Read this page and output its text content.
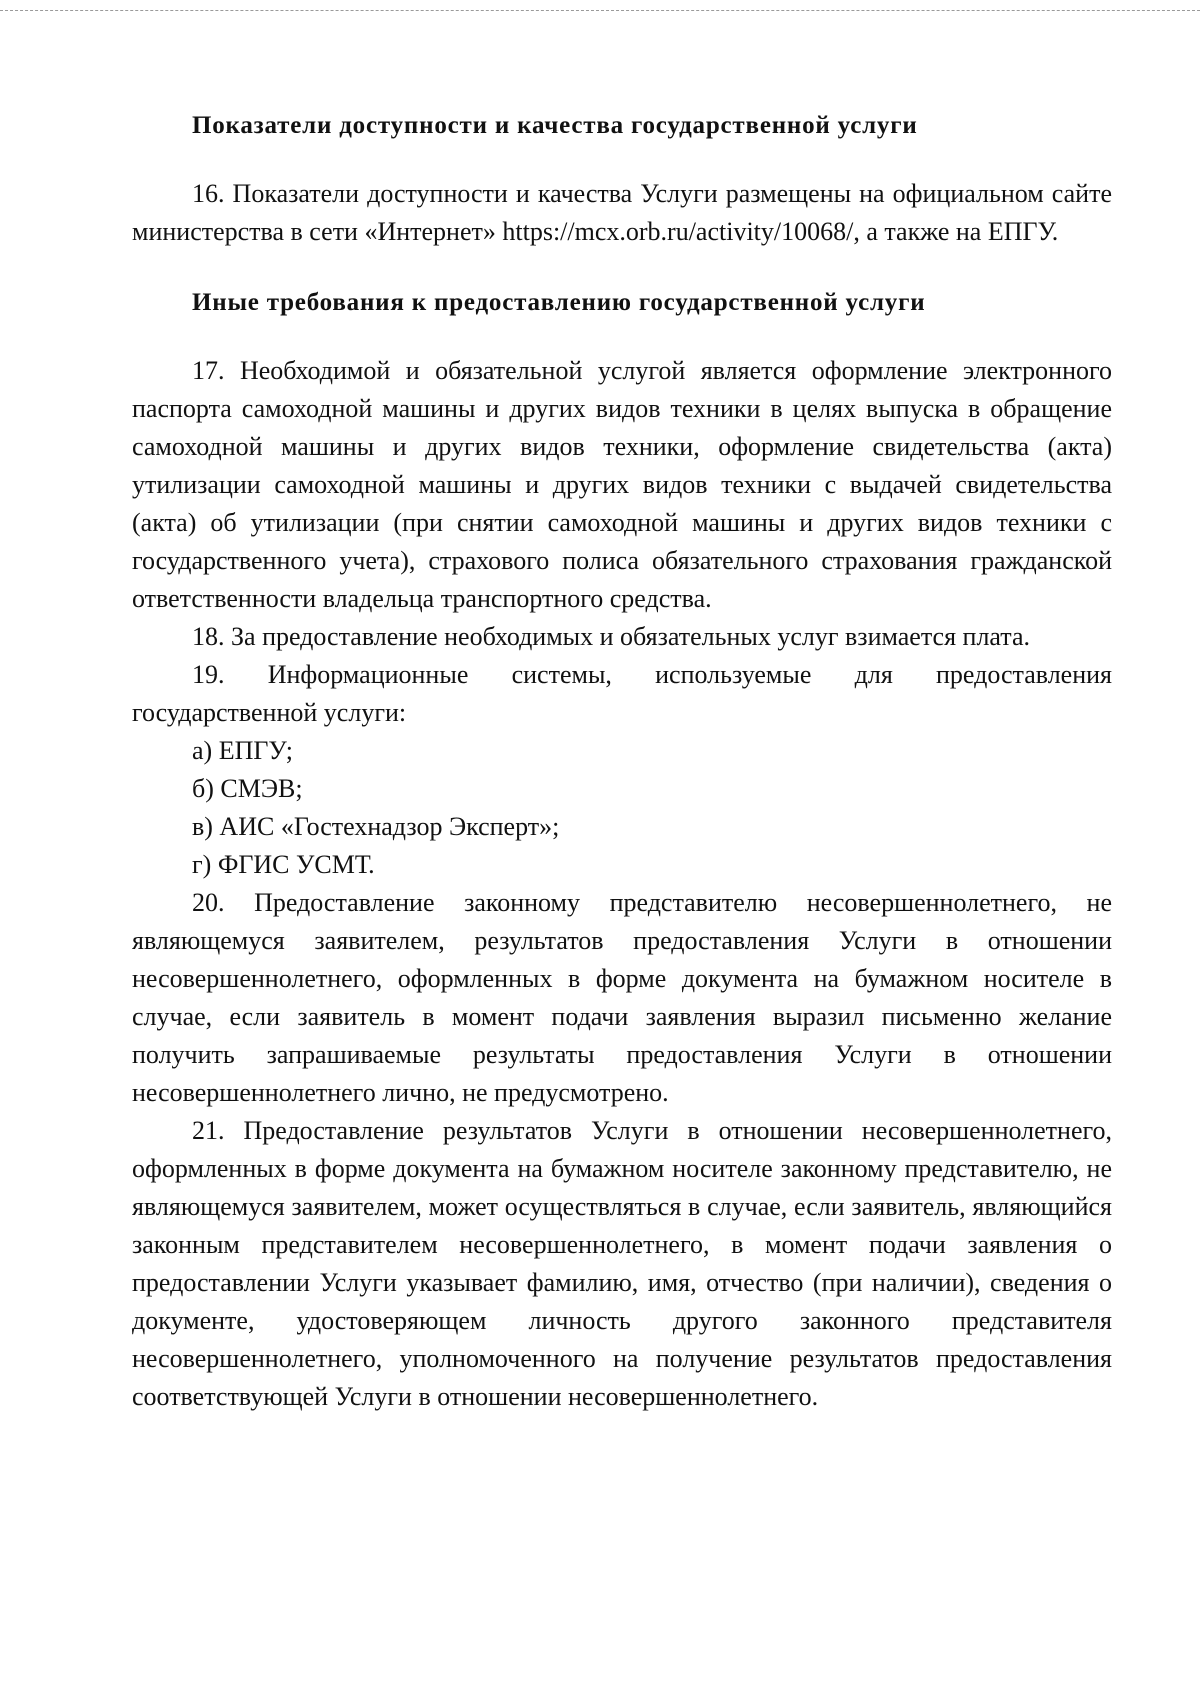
Показатели доступности и качества государственной услуги

16. Показатели доступности и качества Услуги размещены на официальном сайте министерства в сети «Интернет» https://mcx.orb.ru/activity/10068/, а также на ЕПГУ.

Иные требования к предоставлению государственной услуги

17. Необходимой и обязательной услугой является оформление электронного паспорта самоходной машины и других видов техники в целях выпуска в обращение самоходной машины и других видов техники, оформление свидетельства (акта) утилизации самоходной машины и других видов техники с выдачей свидетельства (акта) об утилизации (при снятии самоходной машины и других видов техники с государственного учета), страхового полиса обязательного страхования гражданской ответственности владельца транспортного средства.

18. За предоставление необходимых и обязательных услуг взимается плата.

19. Информационные системы, используемые для предоставления государственной услуги:

а) ЕПГУ;
б) СМЭВ;
в) АИС «Гостехнадзор Эксперт»;
г) ФГИС УСМТ.

20. Предоставление законному представителю несовершеннолетнего, не являющемуся заявителем, результатов предоставления Услуги в отношении несовершеннолетнего, оформленных в форме документа на бумажном носителе в случае, если заявитель в момент подачи заявления выразил письменно желание получить запрашиваемые результаты предоставления Услуги в отношении несовершеннолетнего лично, не предусмотрено.

21. Предоставление результатов Услуги в отношении несовершеннолетнего, оформленных в форме документа на бумажном носителе законному представителю, не являющемуся заявителем, может осуществляться в случае, если заявитель, являющийся законным представителем несовершеннолетнего, в момент подачи заявления о предоставлении Услуги указывает фамилию, имя, отчество (при наличии), сведения о документе, удостоверяющем личность другого законного представителя несовершеннолетнего, уполномоченного на получение результатов предоставления соответствующей Услуги в отношении несовершеннолетнего.
